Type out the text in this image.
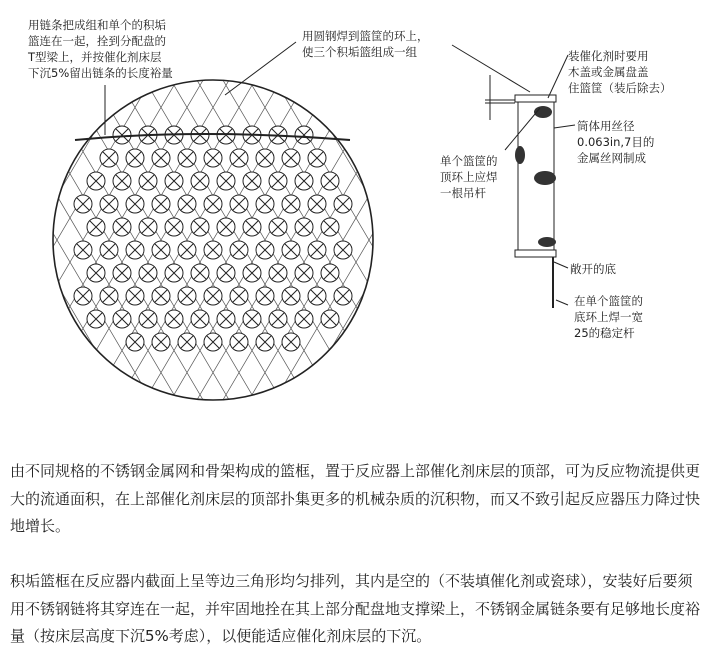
用链条把成组和单个的积垢
篮连在一起，拴到分配盘的
T型梁上，并按催化剂床层
下沉5%留出链条的长度裕量
用圆钢焊到篮筐的环上，
使三个积垢篮组成一组	装催化剂时要用
木盖或金属盘盖
住篮筐（装后除去）
筒体用丝径
0.063in,7目的
金属丝网制成
单个篮筐的
顶环上应焊
一根吊杆
敞开的底
在单个篮筐的
底环上焊一宽
25的稳定杆

由不同规格的不锈钢金属网和骨架构成的篮框，置于反应器上部催化剂床层的顶部，可为反应物流提供更大的流通面积，在上部催化剂床层的顶部扑集更多的机械杂质的沉积物，而又不致引起反应器压力降过快地增长。

积垢篮框在反应器内截面上呈等边三角形均匀排列，其内是空的（不装填催化剂或瓷球），安装好后要须用不锈钢链将其穿连在一起，并牢固地拴在其上部分配盘地支撑梁上，不锈钢金属链条要有足够地长度裕量（按床层高度下沉5%考虑），以便能适应催化剂床层的下沉。
